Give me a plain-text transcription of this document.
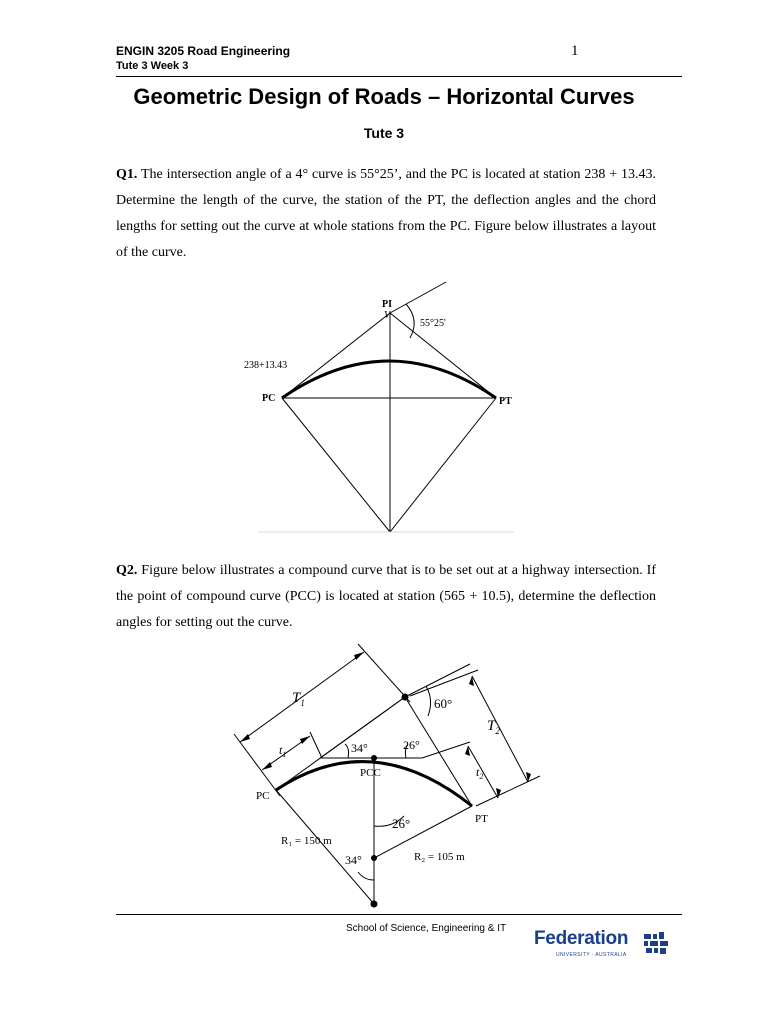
ENGIN 3205 Road Engineering
Tute 3 Week 3
1
Geometric Design of Roads – Horizontal Curves
Tute 3
Q1. The intersection angle of a 4° curve is 55°25’, and the PC is located at station 238 + 13.43. Determine the length of the curve, the station of the PT, the deflection angles and the chord lengths for setting out the curve at whole stations from the PC. Figure below illustrates a layout of the curve.
PI
V
55°25'
238+13.43
PC	PT
Q2. Figure below illustrates a compound curve that is to be set out at a highway intersection. If the point of compound curve (PCC) is located at station (565 + 10.5), determine the deflection angles for setting out the curve.
$T_1$
$T_2$
$t_1$
$t_2$
60°
34°	26°
PCC
PC
PT
26°
34°
R₁ = 150 m
R₂ = 105 m
School of Science, Engineering & IT Federation
UNIVERSITY · AUSTRALIA
